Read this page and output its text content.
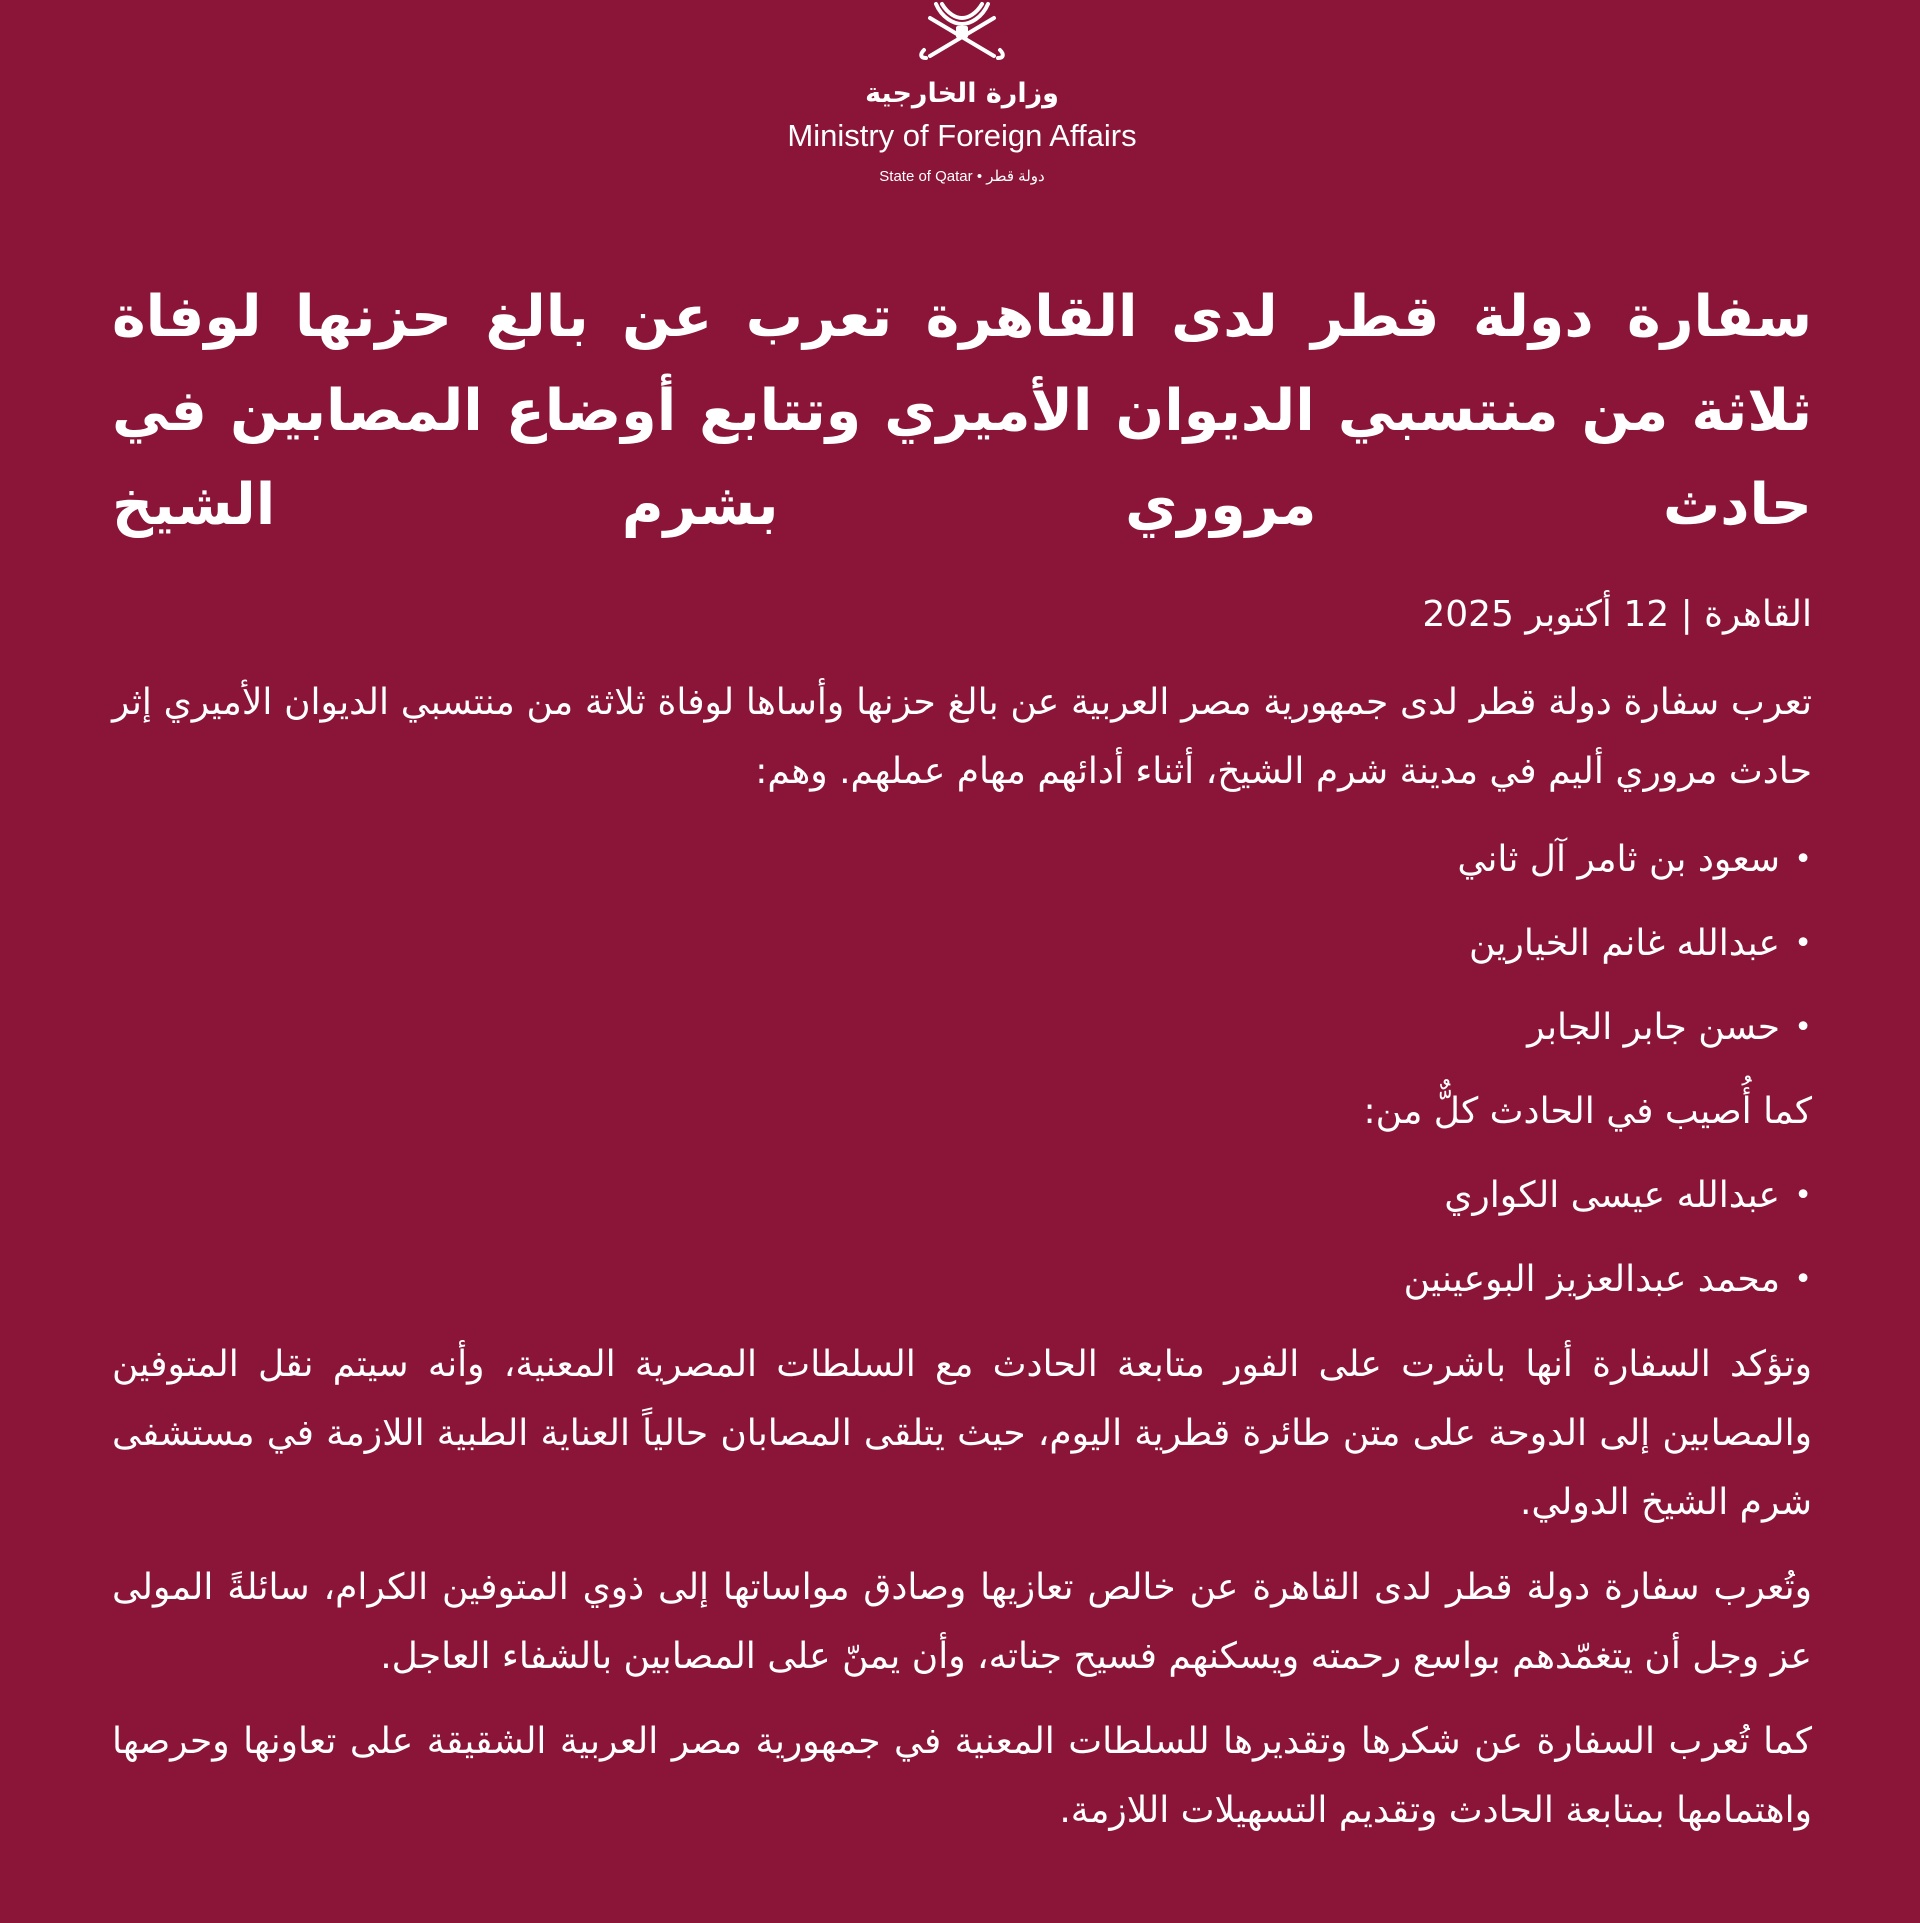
وزارة الخارجية
Ministry of Foreign Affairs
State of Qatar • دولة قطر
سفارة دولة قطر لدى القاهرة تعرب عن بالغ حزنها لوفاة ثلاثة من منتسبي الديوان الأميري وتتابع أوضاع المصابين في حادث مروري بشرم الشيخ
القاهرة | 12 أكتوبر 2025

تعرب سفارة دولة قطر لدى جمهورية مصر العربية عن بالغ حزنها وأساها لوفاة ثلاثة من منتسبي الديوان الأميري إثر حادث مروري أليم في مدينة شرم الشيخ، أثناء أدائهم مهام عملهم. وهم:

• سعود بن ثامر آل ثاني
• عبدالله غانم الخيارين
• حسن جابر الجابر

كما أُصيب في الحادث كلٌّ من:

• عبدالله عيسى الكواري
• محمد عبدالعزيز البوعينين

وتؤكد السفارة أنها باشرت على الفور متابعة الحادث مع السلطات المصرية المعنية، وأنه سيتم نقل المتوفين والمصابين إلى الدوحة على متن طائرة قطرية اليوم، حيث يتلقى المصابان حالياً العناية الطبية اللازمة في مستشفى شرم الشيخ الدولي.

وتُعرب سفارة دولة قطر لدى القاهرة عن خالص تعازيها وصادق مواساتها إلى ذوي المتوفين الكرام، سائلةً المولى عز وجل أن يتغمّدهم بواسع رحمته ويسكنهم فسيح جناته، وأن يمنّ على المصابين بالشفاء العاجل.

كما تُعرب السفارة عن شكرها وتقديرها للسلطات المعنية في جمهورية مصر العربية الشقيقة على تعاونها وحرصها واهتمامها بمتابعة الحادث وتقديم التسهيلات اللازمة.
